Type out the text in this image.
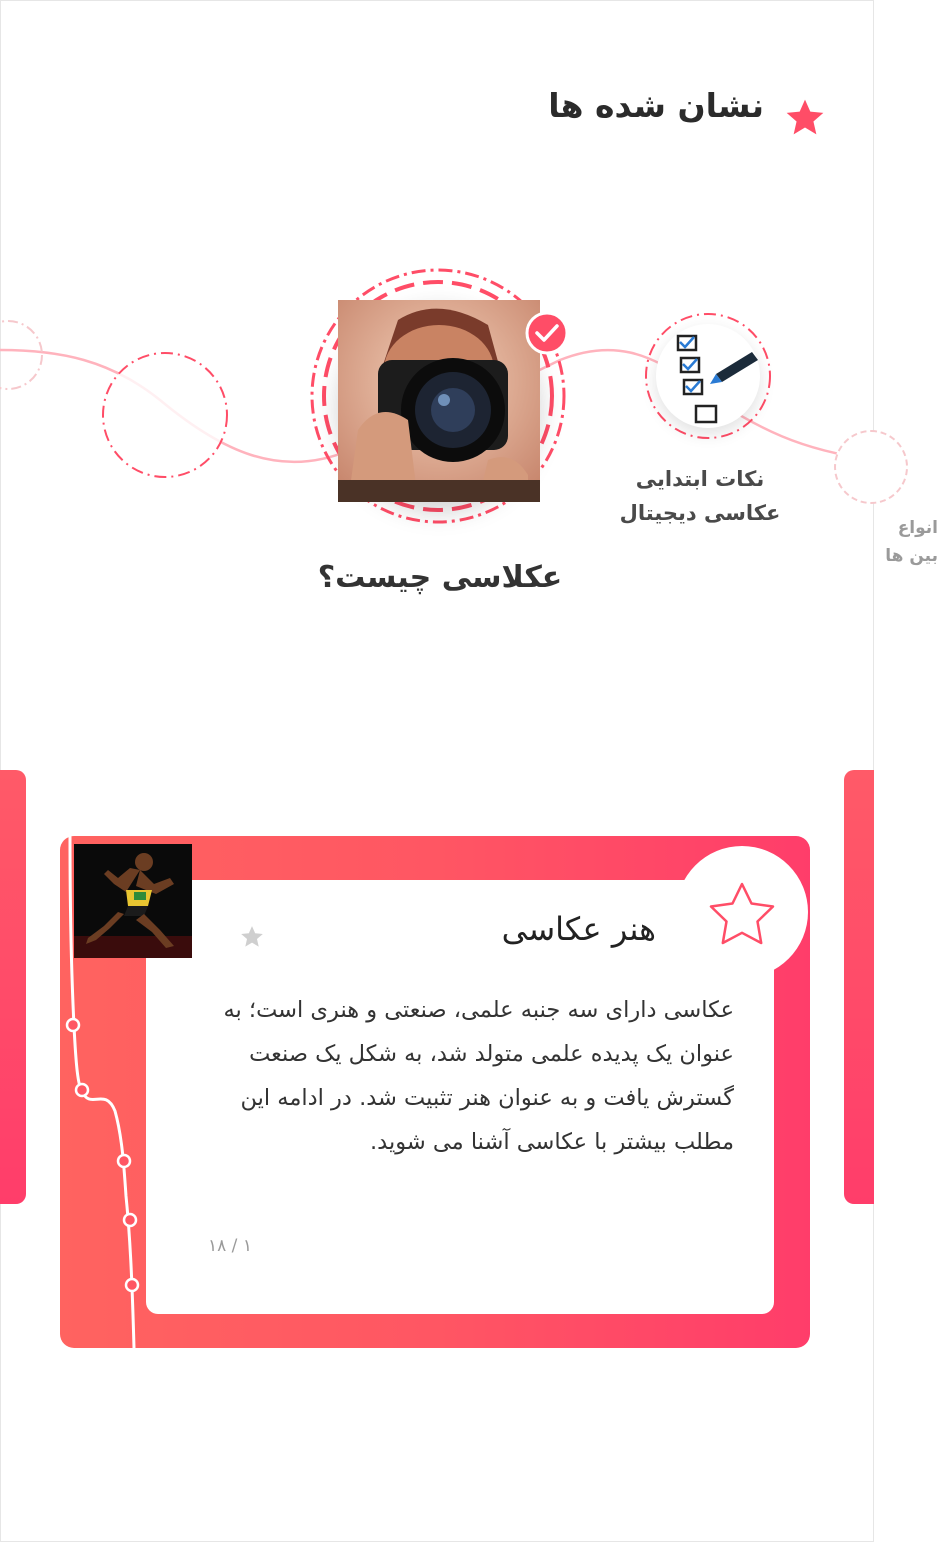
نشان شده ها
عکلاسی چیست؟
نکات ابتدایی
عکاسی دیجیتال
انواع
بین ها
هنر عکاسی
عکاسی دارای سه جنبه علمی، صنعتی و هنری است؛ به عنوان یک پدیده علمی متولد شد، به شکل یک صنعت گسترش یافت و به عنوان هنر تثبیت شد. در ادامه این مطلب بیشتر با عکاسی آشنا می شوید.
۱ / ۱۸
